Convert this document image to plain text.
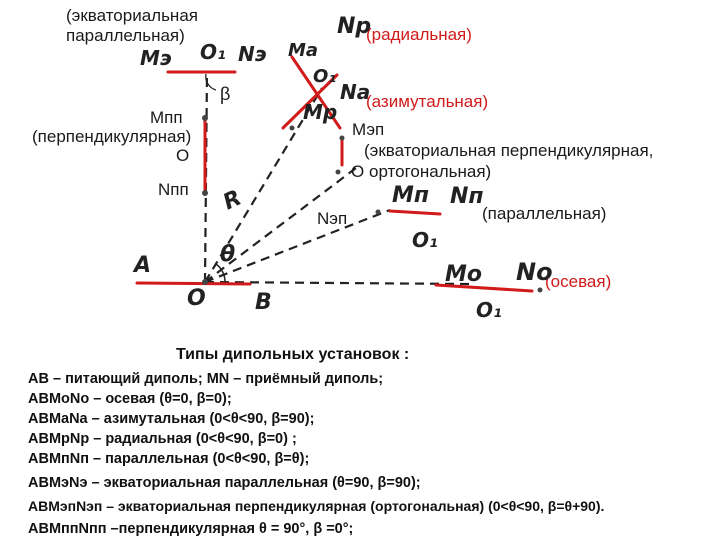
(экваториальная
параллельная)	(радиальная)
(азимутальная)
Мпп
(перпендикулярная)
О
Nпп
Мэп
(экваториальная перпендикулярная,
О ортогональная)
Nэп	(параллельная)
(осевая)
β
Mэ O₁ Nэ
Nр
Mа
O₁
Nа
Mр
R
θ
A
O B
Mп Nп
O₁
Mо Nо
O₁
Типы дипольных установок :
AB – питающий диполь; MN – приёмный диполь;
ABMоNо – осевая (θ=0, β=0);
ABMаNа – азимутальная (0<θ<90, β=90);
ABMрNр – радиальная (0<θ<90, β=0) ;
ABMпNп – параллельная (0<θ<90, β=θ);
ABMэNэ – экваториальная параллельная (θ=90, β=90);
ABMэпNэп – экваториальная перпендикулярная (ортогональная) (0<θ<90, β=θ+90).
ABMппNпп –перпендикулярная θ = 90°, β =0°;
